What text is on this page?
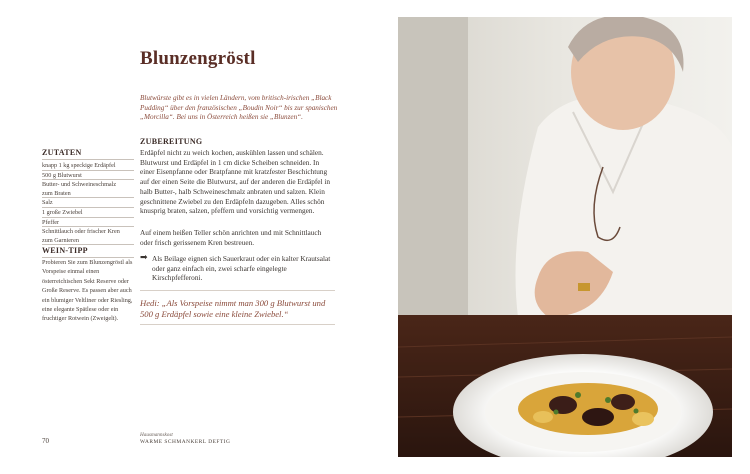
Blunzengröstl
Blutwürste gibt es in vielen Ländern, vom britisch-irischen „Black Pudding“ über den französischen „Boudin Noir“ bis zur spanischen „Morcilla“. Bei uns in Österreich heißen sie „Blunzen“.
ZUTATEN
knapp 1 kg speckige Erdäpfel
500 g Blutwurst
Butter- und Schweineschmalz
zum Braten
Salz
1 große Zwiebel
Pfeffer
Schnittlauch oder frischer Kren
zum Garnieren
WEIN-TIPP
Probieren Sie zum Blunzengröstl als Vorspeise einmal einen österreichischen Sekt Reserve oder Große Reserve. Es passen aber auch ein blumiger Veltliner oder Riesling, eine elegante Spätlese oder ein fruchtiger Rotwein (Zweigelt).
ZUBEREITUNG
Erdäpfel nicht zu weich kochen, auskühlen lassen und schälen. Blutwurst und Erdäpfel in 1 cm dicke Scheiben schneiden. In einer Eisenpfanne oder Bratpfanne mit kratzfester Beschichtung auf der einen Seite die Blutwurst, auf der anderen die Erdäpfel in halb Butter-, halb Schweineschmalz anbraten und salzen. Klein geschnittene Zwiebel zu den Erdäpfeln dazugeben. Alles schön knusprig braten, salzen, pfeffern und vorsichtig vermengen.
Auf einem heißen Teller schön anrichten und mit Schnittlauch oder frisch gerissenem Kren bestreuen.
➡ Als Beilage eignen sich Sauerkraut oder ein kalter Krautsalat oder ganz einfach ein, zwei scharfe eingelegte Kirschpfefferoni.
Hedi: „Als Vorspeise nimmt man 300 g Blutwurst und 500 g Erdäpfel sowie eine kleine Zwiebel.“
70
Hausmannskost
WARME SCHMANKERL DEFTIG
